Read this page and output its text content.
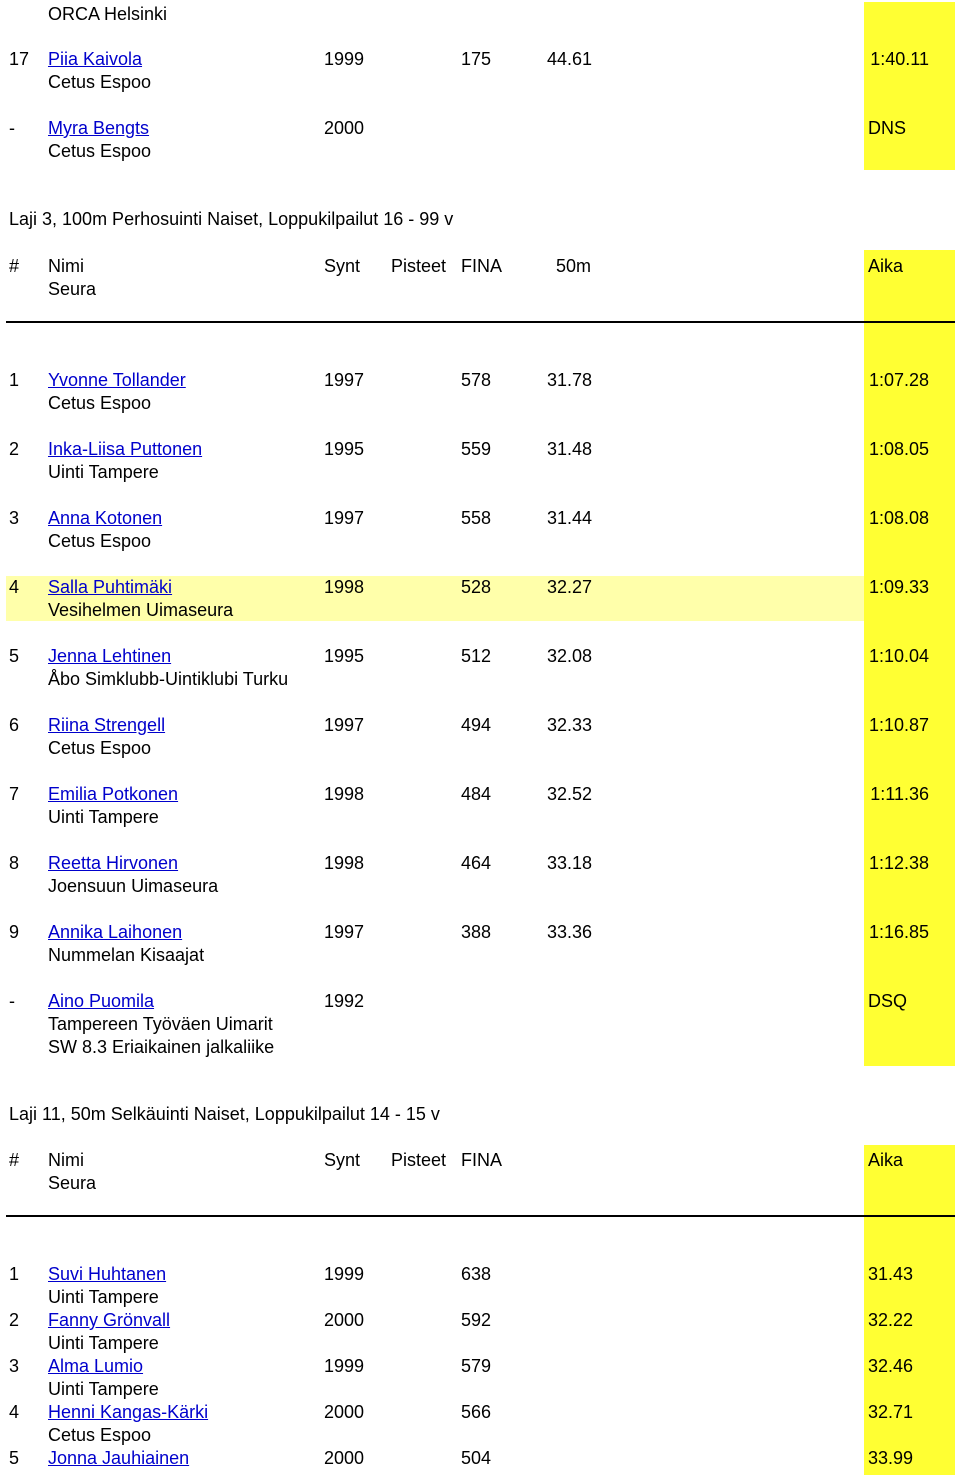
ORCA Helsinki
Laji 3, 100m Perhosuinti Naiset, Loppukilpailut 16 - 99 v
Laji 11, 50m Selkäuinti Naiset, Loppukilpailut 14 - 15 v
# Nimi	Synt Pisteet FINA	50m	Aika
Seura
# Nimi	Synt Pisteet FINA	Aika
Seura
17 Piia Kaivola	1999	175	44.61	1:40.11
Cetus Espoo
- Myra Bengts	2000	DNS
Cetus Espoo
1 Yvonne Tollander	1997	578	31.78	1:07.28
Cetus Espoo
2 Inka-Liisa Puttonen	1995	559	31.48	1:08.05
Uinti Tampere
3 Anna Kotonen	1997	558	31.44	1:08.08
Cetus Espoo
4 Salla Puhtimäki	1998	528	32.27	1:09.33
Vesihelmen Uimaseura
5 Jenna Lehtinen	1995	512	32.08	1:10.04
Åbo Simklubb-Uintiklubi Turku
6 Riina Strengell	1997	494	32.33	1:10.87
Cetus Espoo
7 Emilia Potkonen	1998	484	32.52	1:11.36
Uinti Tampere
8 Reetta Hirvonen	1998	464	33.18	1:12.38
Joensuun Uimaseura
9 Annika Laihonen	1997	388	33.36	1:16.85
Nummelan Kisaajat
- Aino Puomila	1992	DSQ
Tampereen Työväen Uimarit
SW 8.3 Eriaikainen jalkaliike
1 Suvi Huhtanen	1999	638	31.43
Uinti Tampere
2 Fanny Grönvall	2000	592	32.22
Uinti Tampere
3 Alma Lumio	1999	579	32.46
Uinti Tampere
4 Henni Kangas-Kärki	2000	566	32.71
Cetus Espoo
5 Jonna Jauhiainen	2000	504	33.99
